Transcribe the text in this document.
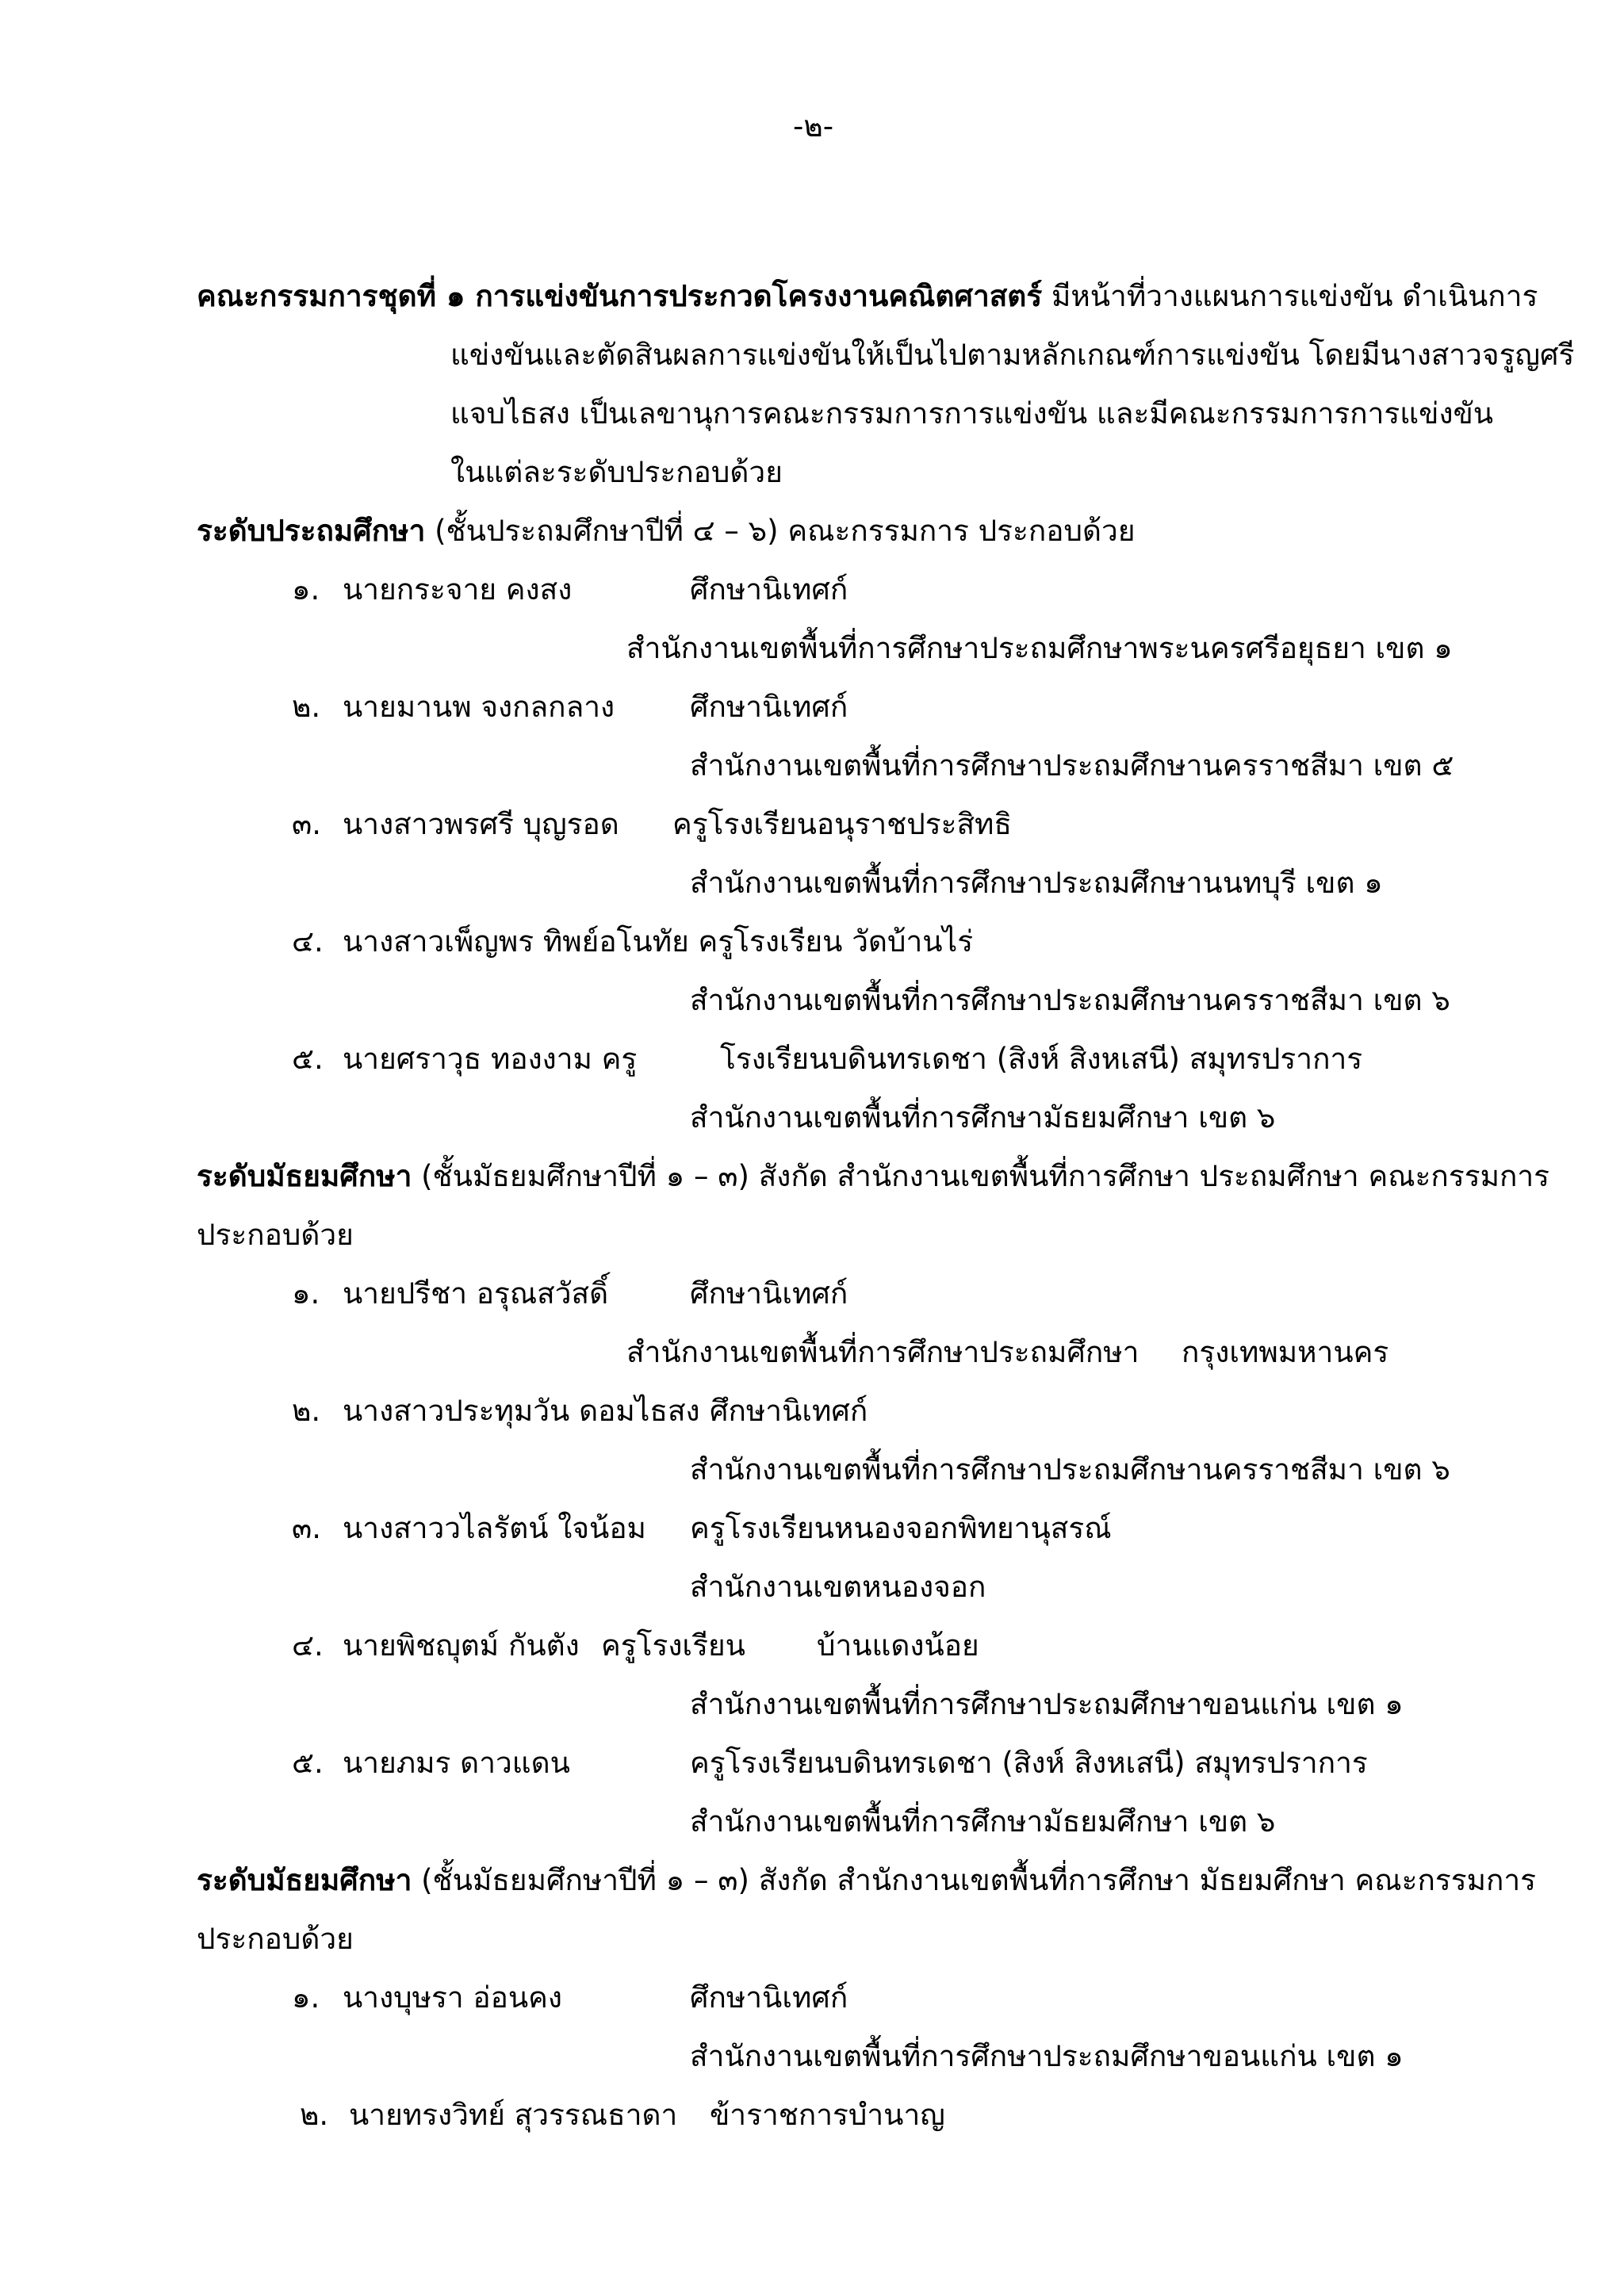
-๒-
คณะกรรมการชุดที่ ๑ การแข่งขันการประกวดโครงงานคณิตศาสตร์ มีหน้าที่วางแผนการแข่งขัน ดำเนินการ
แข่งขันและตัดสินผลการแข่งขันให้เป็นไปตามหลักเกณฑ์การแข่งขัน โดยมีนางสาวจรูญศรี
แจบไธสง เป็นเลขานุการคณะกรรมการการแข่งขัน และมีคณะกรรมการการแข่งขัน
ในแต่ละระดับประกอบด้วย
ระดับประถมศึกษา (ชั้นประถมศึกษาปีที่ ๔ – ๖) คณะกรรมการ ประกอบด้วย
๑. นายกระจาย คงสง	ศึกษานิเทศก์
สำนักงานเขตพื้นที่การศึกษาประถมศึกษาพระนครศรีอยุธยา เขต ๑
๒. นายมานพ จงกลกลาง	ศึกษานิเทศก์
สำนักงานเขตพื้นที่การศึกษาประถมศึกษานครราชสีมา เขต ๕
๓. นางสาวพรศรี บุญรอด ครูโรงเรียนอนุราชประสิทธิ
สำนักงานเขตพื้นที่การศึกษาประถมศึกษานนทบุรี เขต ๑
๔. นางสาวเพ็ญพร ทิพย์อโนทัย ครูโรงเรียน วัดบ้านไร่
สำนักงานเขตพื้นที่การศึกษาประถมศึกษานครราชสีมา เขต ๖
๕. นายศราวุธ ทองงาม ครู	โรงเรียนบดินทรเดชา (สิงห์ สิงหเสนี) สมุทรปราการ
สำนักงานเขตพื้นที่การศึกษามัธยมศึกษา เขต ๖
ระดับมัธยมศึกษา (ชั้นมัธยมศึกษาปีที่ ๑ – ๓) สังกัด สำนักงานเขตพื้นที่การศึกษา ประถมศึกษา คณะกรรมการ
ประกอบด้วย
๑. นายปรีชา อรุณสวัสดิ์	ศึกษานิเทศก์
สำนักงานเขตพื้นที่การศึกษาประถมศึกษา กรุงเทพมหานคร
๒. นางสาวประทุมวัน ดอมไธสง ศึกษานิเทศก์
สำนักงานเขตพื้นที่การศึกษาประถมศึกษานครราชสีมา เขต ๖
๓. นางสาววไลรัตน์ ใจน้อม ครูโรงเรียนหนองจอกพิทยานุสรณ์
สำนักงานเขตหนองจอก
๔. นายพิชญุตม์ กันตัง ครูโรงเรียน บ้านแดงน้อย
สำนักงานเขตพื้นที่การศึกษาประถมศึกษาขอนแก่น เขต ๑
๕. นายภมร ดาวแดน	ครูโรงเรียนบดินทรเดชา (สิงห์ สิงหเสนี) สมุทรปราการ
สำนักงานเขตพื้นที่การศึกษามัธยมศึกษา เขต ๖
ระดับมัธยมศึกษา (ชั้นมัธยมศึกษาปีที่ ๑ – ๓) สังกัด สำนักงานเขตพื้นที่การศึกษา มัธยมศึกษา คณะกรรมการ
ประกอบด้วย
๑. นางบุษรา อ่อนคง	ศึกษานิเทศก์
สำนักงานเขตพื้นที่การศึกษาประถมศึกษาขอนแก่น เขต ๑
๒. นายทรงวิทย์ สุวรรณธาดา ข้าราชการบำนาญ
